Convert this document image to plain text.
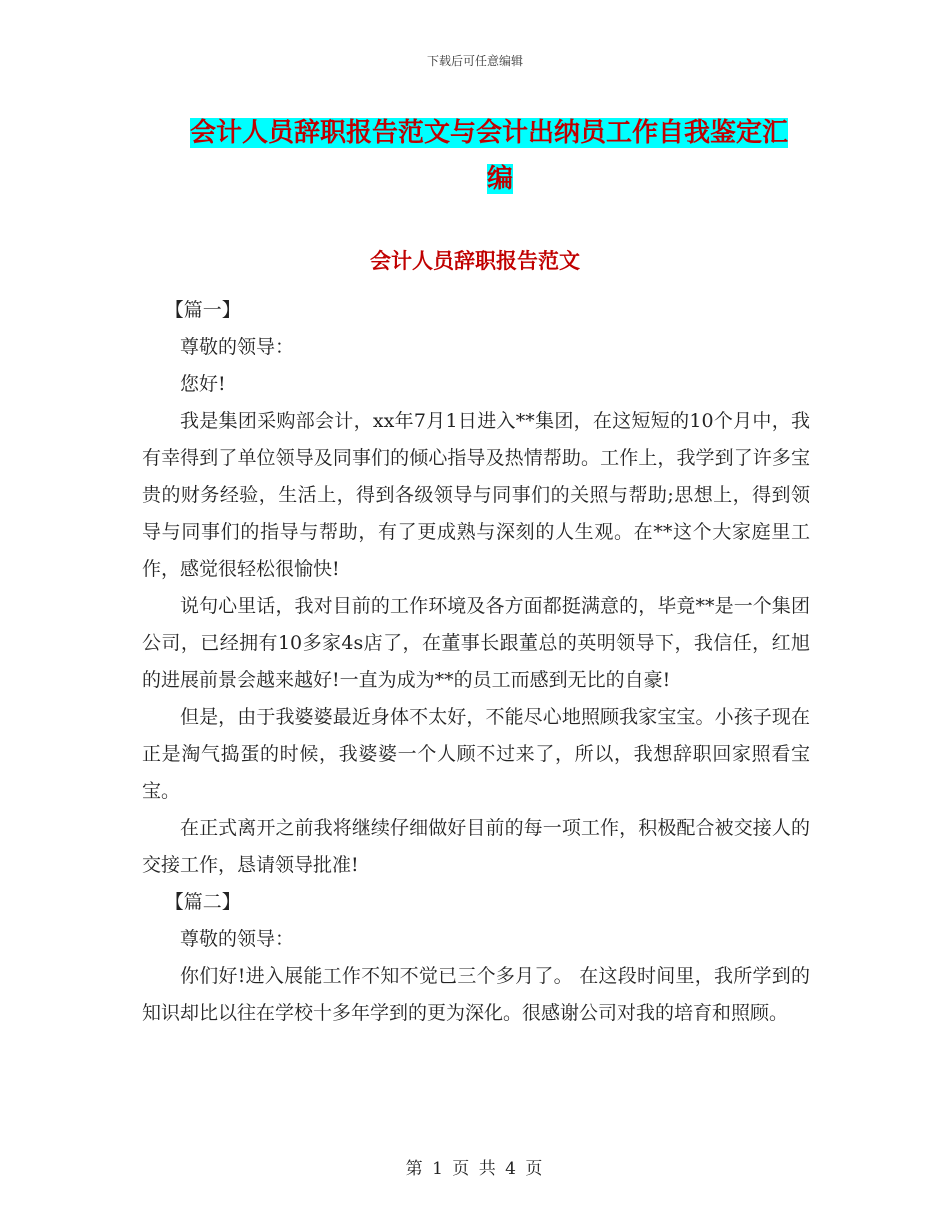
下载后可任意编辑
会计人员辞职报告范文与会计出纳员工作自我鉴定汇
编
会计人员辞职报告范文

【篇一】

尊敬的领导：

您好!

我是集团采购部会计，xx年7月1日进入**集团，在这短短的10个月中，我有幸得到了单位领导及同事们的倾心指导及热情帮助。工作上，我学到了许多宝贵的财务经验，生活上，得到各级领导与同事们的关照与帮助;思想上，得到领导与同事们的指导与帮助，有了更成熟与深刻的人生观。在**这个大家庭里工作，感觉很轻松很愉快!

说句心里话，我对目前的工作环境及各方面都挺满意的，毕竟**是一个集团公司，已经拥有10多家4s店了，在董事长跟董总的英明领导下，我信任，红旭的进展前景会越来越好!一直为成为**的员工而感到无比的自豪!

但是，由于我婆婆最近身体不太好，不能尽心地照顾我家宝宝。小孩子现在正是淘气捣蛋的时候，我婆婆一个人顾不过来了，所以，我想辞职回家照看宝宝。

在正式离开之前我将继续仔细做好目前的每一项工作，积极配合被交接人的交接工作，恳请领导批准!

【篇二】

尊敬的领导：

你们好!进入展能工作不知不觉已三个多月了。 在这段时间里，我所学到的知识却比以往在学校十多年学到的更为深化。很感谢公司对我的培育和照顾。

第 1 页 共 4 页
